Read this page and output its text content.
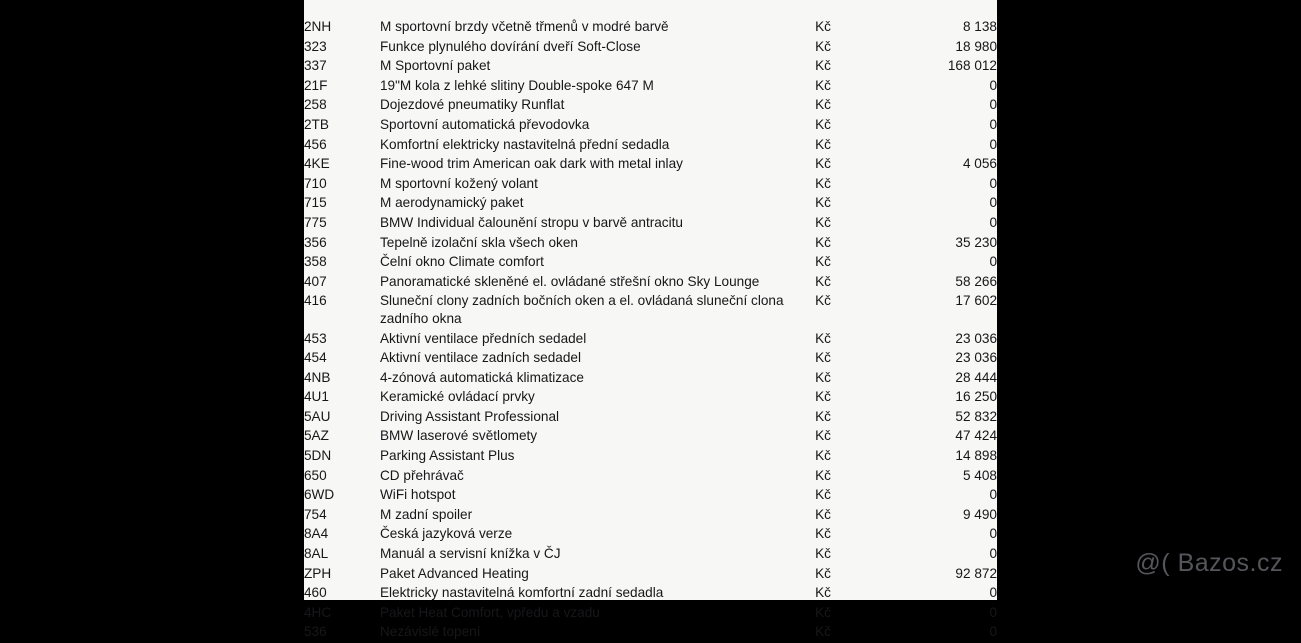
2NH	M sportovní brzdy včetně třmenů v modré barvě	Kč	8 138
323	Funkce plynulého dovírání dveří Soft-Close	Kč	18 980
337	M Sportovní paket	Kč	168 012
21F	19"M kola z lehké slitiny Double-spoke 647 M	Kč	0
258	Dojezdové pneumatiky Runflat	Kč	0
2TB	Sportovní automatická převodovka	Kč	0
456	Komfortní elektricky nastavitelná přední sedadla	Kč	0
4KE	Fine-wood trim American oak dark with metal inlay	Kč	4 056
710	M sportovní kožený volant	Kč	0
715	M aerodynamický paket	Kč	0
775	BMW Individual čalounění stropu v barvě antracitu	Kč	0
356	Tepelně izolační skla všech oken	Kč	35 230
358	Čelní okno Climate comfort	Kč	0
407	Panoramatické skleněné el. ovládané střešní okno Sky Lounge	Kč	58 266
416	Sluneční clony zadních bočních oken a el. ovládaná sluneční clona zadního okna	Kč	17 602
453	Aktivní ventilace předních sedadel	Kč	23 036
454	Aktivní ventilace zadních sedadel	Kč	23 036
4NB	4-zónová automatická klimatizace	Kč	28 444
4U1	Keramické ovládací prvky	Kč	16 250
5AU	Driving Assistant Professional	Kč	52 832
5AZ	BMW laserové světlomety	Kč	47 424
5DN	Parking Assistant Plus	Kč	14 898
650	CD přehrávač	Kč	5 408
6WD	WiFi hotspot	Kč	0
754	M zadní spoiler	Kč	9 490
8A4	Česká jazyková verze	Kč	0
8AL	Manuál a servisní knížka v ČJ	Kč	0
ZPH	Paket Advanced Heating	Kč	92 872
460	Elektricky nastavitelná komfortní zadní sedadla	Kč	0
4HC	Paket Heat Comfort, vpředu a vzadu	Kč	0
536	Nezávislé topení	Kč	0
@( Bazos.cz
